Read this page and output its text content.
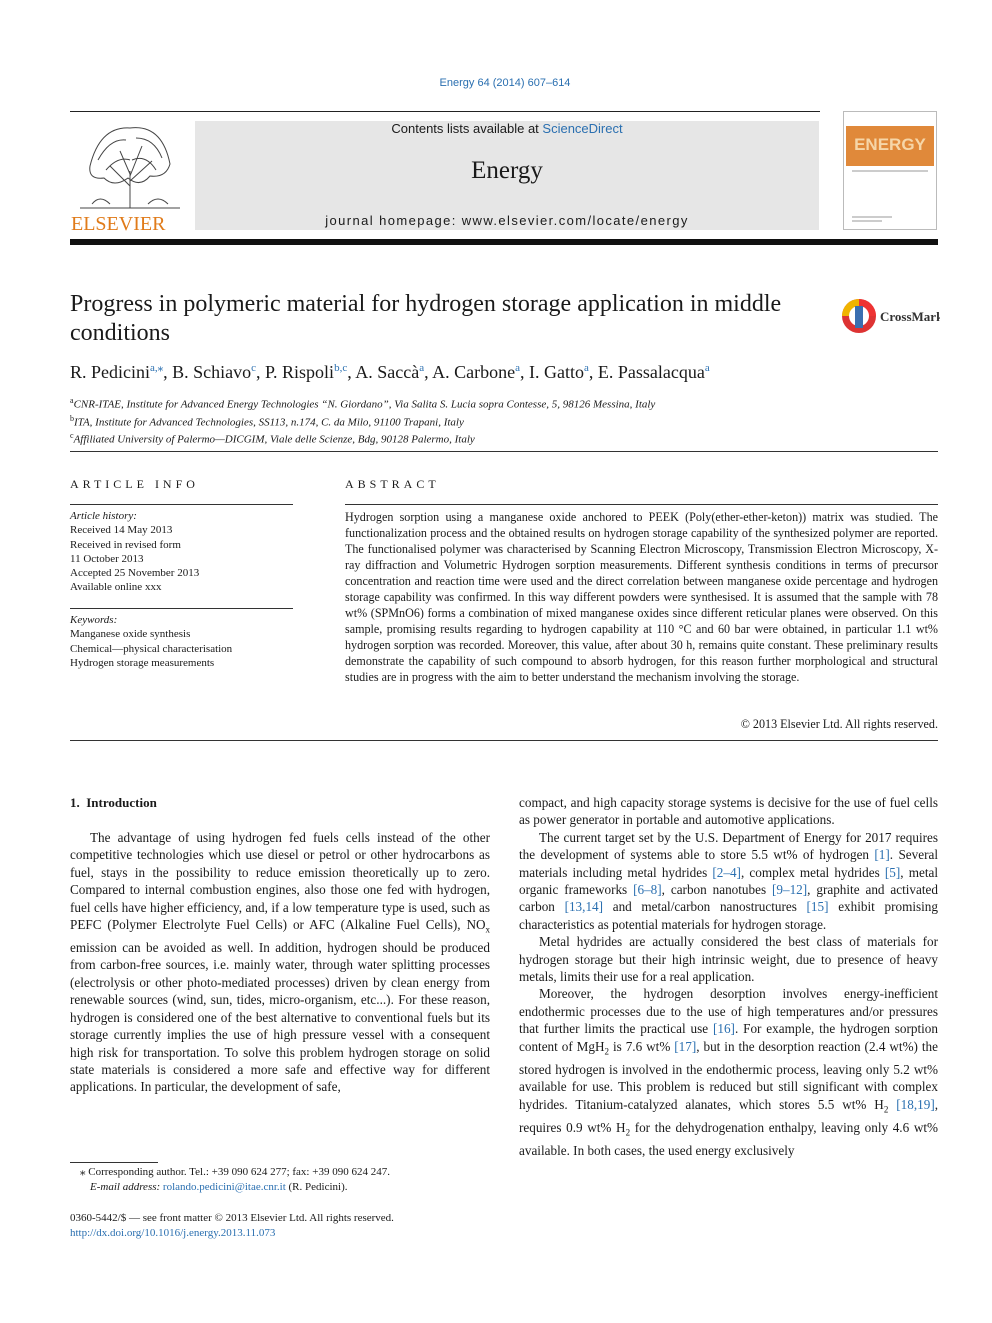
Energy 64 (2014) 607–614
ELSEVIER
Contents lists available at ScienceDirect
Energy
journal homepage: www.elsevier.com/locate/energy
ENERGY
Progress in polymeric material for hydrogen storage application in middle conditions
CrossMark
R. Pedicini$^{a,⁎}$, B. Schiavo$^c$, P. Rispoli$^{b,c}$, A. Saccà$^a$, A. Carbone$^a$, I. Gatto$^a$, E. Passalacqua$^a$
$^a$CNR-ITAE, Institute for Advanced Energy Technologies “N. Giordano”, Via Salita S. Lucia sopra Contesse, 5, 98126 Messina, Italy
$^b$ITA, Institute for Advanced Technologies, SS113, n.174, C. da Milo, 91100 Trapani, Italy
$^c$Affiliated University of Palermo—DICGIM, Viale delle Scienze, Bdg, 90128 Palermo, Italy
ARTICLE INFO	ABSTRACT
Article history:
Received 14 May 2013
Received in revised form
11 October 2013
Accepted 25 November 2013
Available online xxx
Keywords:
Manganese oxide synthesis
Chemical—physical characterisation
Hydrogen storage measurements
Hydrogen sorption using a manganese oxide anchored to PEEK (Poly(ether-ether-keton)) matrix was studied. The functionalization process and the obtained results on hydrogen storage capability of the synthesized polymer are reported. The functionalised polymer was characterised by Scanning Electron Microscopy, Transmission Electron Microscopy, X-ray diffraction and Volumetric Hydrogen sorption measurements. Different synthesis conditions in terms of precursor concentration and reaction time were used and the direct correlation between manganese oxide percentage and hydrogen storage capability was confirmed. In this way different powders were synthesised. It is assumed that the sample with 78 wt% (SPMnO6) forms a combination of mixed manganese oxides since different reticular planes were observed. On this sample, promising results regarding to hydrogen capability at 110 °C and 60 bar were obtained, in particular 1.1 wt% hydrogen sorption was recorded. Moreover, this value, after about 30 h, remains quite constant. These preliminary results demonstrate the capability of such compound to absorb hydrogen, for this reason further morphological and structural studies are in progress with the aim to better understand the mechanism involving the storage.
© 2013 Elsevier Ltd. All rights reserved.
1.  Introduction

The advantage of using hydrogen fed fuels cells instead of the other competitive technologies which use diesel or petrol or other hydrocarbons as fuel, stays in the possibility to reduce emission theoretically up to zero. Compared to internal combustion engines, also those one fed with hydrogen, fuel cells have higher efficiency, and, if a low temperature type is used, such as PEFC (Polymer Electrolyte Fuel Cells) or AFC (Alkaline Fuel Cells), $NO_x$ emission can be avoided as well. In addition, hydrogen should be produced from carbon-free sources, i.e. mainly water, through water splitting processes (electrolysis or other photo-mediated processes) driven by clean energy from renewable sources (wind, sun, tides, micro-organism, etc...). For these reason, hydrogen is considered one of the best alternative to conventional fuels but its storage currently implies the use of high pressure vessel with a consequent high risk for transportation. To solve this problem hydrogen storage on solid state materials is considered a more safe and effective way for different applications. In particular, the development of safe,

compact, and high capacity storage systems is decisive for the use of fuel cells as power generator in portable and automotive applications.

The current target set by the U.S. Department of Energy for 2017 requires the development of systems able to store 5.5 wt% of hydrogen [1]. Several materials including metal hydrides [2–4], complex metal hydrides [5], metal organic frameworks [6–8], carbon nanotubes [9–12], graphite and activated carbon [13,14] and metal/carbon nanostructures [15] exhibit promising characteristics as potential materials for hydrogen storage.

Metal hydrides are actually considered the best class of materials for hydrogen storage but their high intrinsic weight, due to presence of heavy metals, limits their use for a real application.

Moreover, the hydrogen desorption involves energy-inefficient endothermic processes due to the use of high temperatures and/or pressures that further limits the practical use [16]. For example, the hydrogen sorption content of MgH$_2$ is 7.6 wt% [17], but in the desorption reaction (2.4 wt%) the stored hydrogen is involved in the endothermic process, leaving only 5.2 wt% available for use. This problem is reduced but still significant with complex hydrides. Titanium-catalyzed alanates, which stores 5.5 wt% $H_2$ [18,19], requires 0.9 wt% $H_2$ for the dehydrogenation enthalpy, leaving only 4.6 wt% available. In both cases, the used energy exclusively

⁎ Corresponding author. Tel.: +39 090 624 277; fax: +39 090 624 247.
E-mail address: rolando.pedicini@itae.cnr.it (R. Pedicini).
0360-5442/$ — see front matter © 2013 Elsevier Ltd. All rights reserved.
http://dx.doi.org/10.1016/j.energy.2013.11.073
